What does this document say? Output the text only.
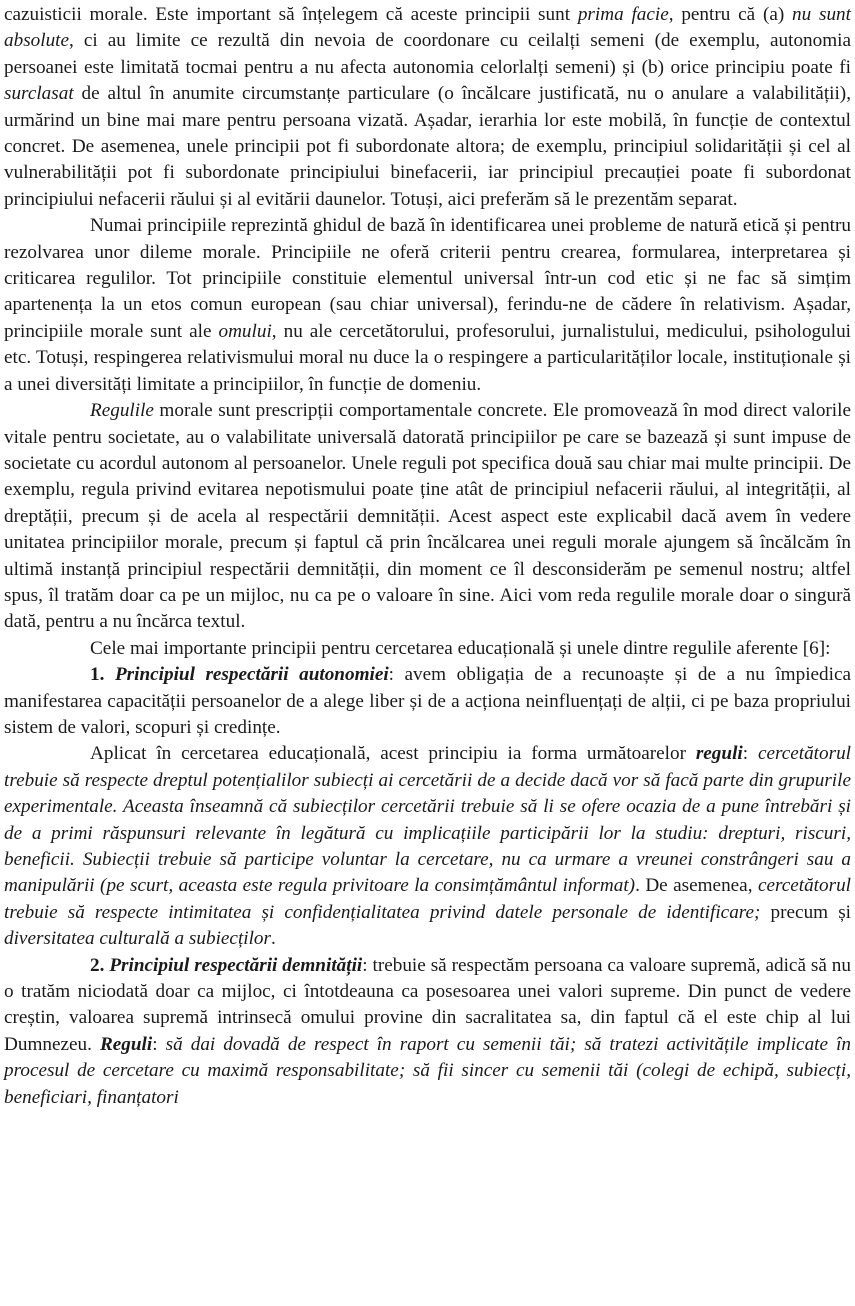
cazuisticii morale. Este important să înțelegem că aceste principii sunt prima facie, pentru că (a) nu sunt absolute, ci au limite ce rezultă din nevoia de coordonare cu ceilalți semeni (de exemplu, autonomia persoanei este limitată tocmai pentru a nu afecta autonomia celorlalți semeni) și (b) orice principiu poate fi surclasat de altul în anumite circumstanțe particulare (o încălcare justificată, nu o anulare a valabilității), urmărind un bine mai mare pentru persoana vizată. Așadar, ierarhia lor este mobilă, în funcție de contextul concret. De asemenea, unele principii pot fi subordonate altora; de exemplu, principiul solidarității și cel al vulnerabilității pot fi subordonate principiului binefacerii, iar principiul precauției poate fi subordonat principiului nefacerii răului și al evitării daunelor. Totuși, aici preferăm să le prezentăm separat.

Numai principiile reprezintă ghidul de bază în identificarea unei probleme de natură etică și pentru rezolvarea unor dileme morale. Principiile ne oferă criterii pentru crearea, formularea, interpretarea și criticarea regulilor. Tot principiile constituie elementul universal într-un cod etic și ne fac să simțim apartenența la un etos comun european (sau chiar universal), ferindu-ne de cădere în relativism. Așadar, principiile morale sunt ale omului, nu ale cercetătorului, profesorului, jurnalistului, medicului, psihologului etc. Totuși, respingerea relativismului moral nu duce la o respingere a particularităților locale, instituționale și a unei diversități limitate a principiilor, în funcție de domeniu.

Regulile morale sunt prescripții comportamentale concrete. Ele promovează în mod direct valorile vitale pentru societate, au o valabilitate universală datorată principiilor pe care se bazează și sunt impuse de societate cu acordul autonom al persoanelor. Unele reguli pot specifica două sau chiar mai multe principii. De exemplu, regula privind evitarea nepotismului poate ține atât de principiul nefacerii răului, al integrității, al dreptății, precum și de acela al respectării demnității. Acest aspect este explicabil dacă avem în vedere unitatea principiilor morale, precum și faptul că prin încălcarea unei reguli morale ajungem să încălcăm în ultimă instanță principiul respectării demnității, din moment ce îl desconsiderăm pe semenul nostru; altfel spus, îl tratăm doar ca pe un mijloc, nu ca pe o valoare în sine. Aici vom reda regulile morale doar o singură dată, pentru a nu încărca textul.

Cele mai importante principii pentru cercetarea educațională și unele dintre regulile aferente [6]:

1. Principiul respectării autonomiei: avem obligația de a recunoaște și de a nu împiedica manifestarea capacității persoanelor de a alege liber și de a acționa neinfluențați de alții, ci pe baza propriului sistem de valori, scopuri și credințe.

Aplicat în cercetarea educațională, acest principiu ia forma următoarelor reguli: cercetătorul trebuie să respecte dreptul potențialilor subiecți ai cercetării de a decide dacă vor să facă parte din grupurile experimentale. Aceasta înseamnă că subiecților cercetării trebuie să li se ofere ocazia de a pune întrebări și de a primi răspunsuri relevante în legătură cu implicațiile participării lor la studiu: drepturi, riscuri, beneficii. Subiecții trebuie să participe voluntar la cercetare, nu ca urmare a vreunei constrângeri sau a manipulării (pe scurt, aceasta este regula privitoare la consimțământul informat). De asemenea, cercetătorul trebuie să respecte intimitatea și confidențialitatea privind datele personale de identificare; precum și diversitatea culturală a subiecților.

2. Principiul respectării demnității: trebuie să respectăm persoana ca valoare supremă, adică să nu o tratăm niciodată doar ca mijloc, ci întotdeauna ca posesoarea unei valori supreme. Din punct de vedere creștin, valoarea supremă intrinsecă omului provine din sacralitatea sa, din faptul că el este chip al lui Dumnezeu. Reguli: să dai dovadă de respect în raport cu semenii tăi; să tratezi activitățile implicate în procesul de cercetare cu maximă responsabilitate; să fii sincer cu semenii tăi (colegi de echipă, subiecți, beneficiari, finanțatori
